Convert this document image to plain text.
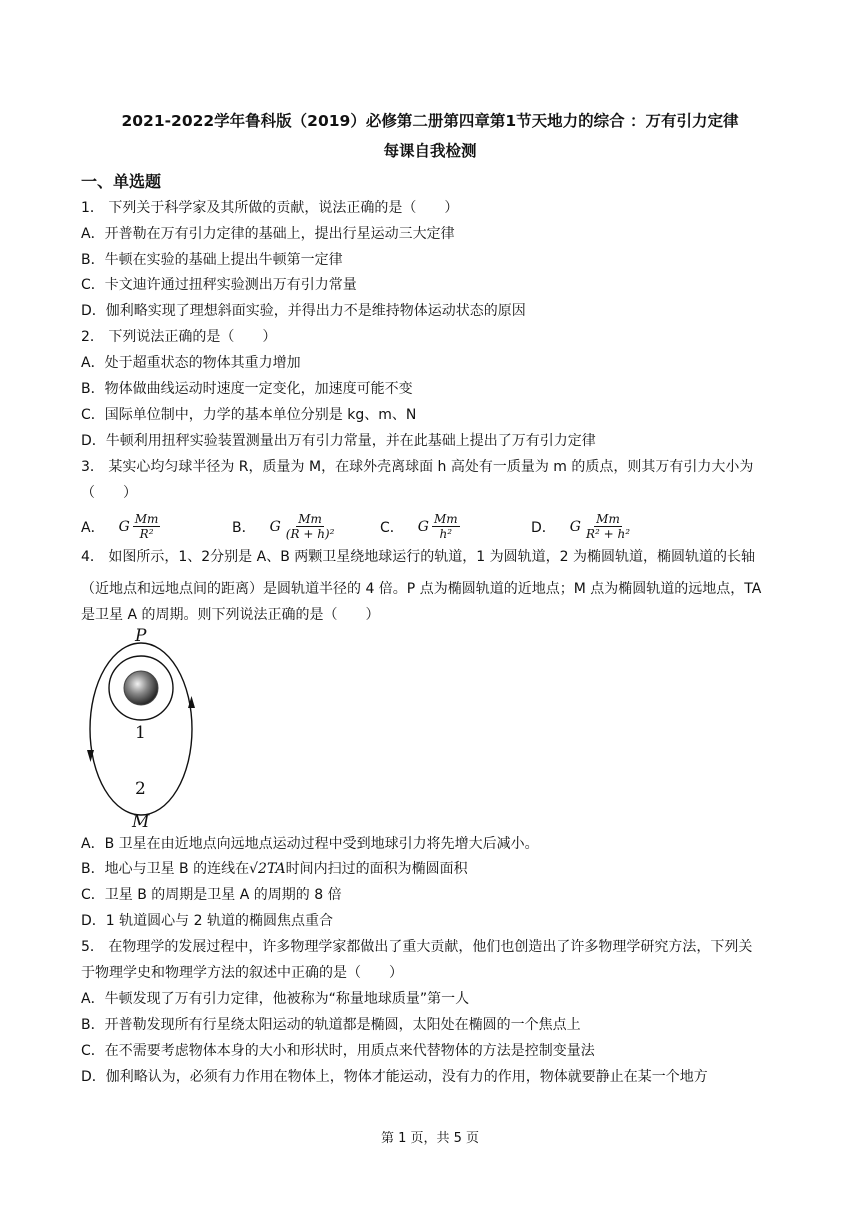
2021-2022学年鲁科版（2019）必修第二册第四章第1节天地力的综合 ：万有引力定律
每课自我检测
一、单选题
1． 下列关于科学家及其所做的贡献，说法正确的是（　　）
A．开普勒在万有引力定律的基础上，提出行星运动三大定律
B．牛顿在实验的基础上提出牛顿第一定律
C．卡文迪许通过扭秤实验测出万有引力常量
D．伽利略实现了理想斜面实验，并得出力不是维持物体运动状态的原因
2． 下列说法正确的是（　　）
A．处于超重状态的物体其重力增加
B．物体做曲线运动时速度一定变化，加速度可能不变
C．国际单位制中，力学的基本单位分别是 kg、m、N
D．牛顿利用扭秤实验装置测量出万有引力常量，并在此基础上提出了万有引力定律
3． 某实心均匀球半径为 R，质量为 M，在球外壳离球面 h 高处有一质量为 m 的质点，则其万有引力大小为
（　　）
A． G $\frac{Mm}{\text{R²}}$	B． G $\frac{Mm}{\text{(R + h)²}}$	C． G $\frac{Mm}{\text{h²}}$	D． G $\frac{Mm}{\text{R² + h²}}$
4． 如图所示，1、2分别是 A、B 两颗卫星绕地球运行的轨道，1 为圆轨道，2 为椭圆轨道，椭圆轨道的长轴
（近地点和远地点间的距离）是圆轨道半径的 4 倍。P 点为椭圆轨道的近地点；M 点为椭圆轨道的远地点，TA
是卫星 A 的周期。则下列说法正确的是（　　）
P
1
2
M
A．B 卫星在由近地点向远地点运动过程中受到地球引力将先增大后减小。
B．地心与卫星 B 的连线在√2TA时间内扫过的面积为椭圆面积
C．卫星 B 的周期是卫星 A 的周期的 8 倍
D．1 轨道圆心与 2 轨道的椭圆焦点重合
5． 在物理学的发展过程中，许多物理学家都做出了重大贡献，他们也创造出了许多物理学研究方法，下列关
于物理学史和物理学方法的叙述中正确的是（　　）
A．牛顿发现了万有引力定律，他被称为“称量地球质量”第一人
B．开普勒发现所有行星绕太阳运动的轨道都是椭圆，太阳处在椭圆的一个焦点上
C．在不需要考虑物体本身的大小和形状时，用质点来代替物体的方法是控制变量法
D．伽利略认为，必须有力作用在物体上，物体才能运动，没有力的作用，物体就要静止在某一个地方
第 1 页，共 5 页
